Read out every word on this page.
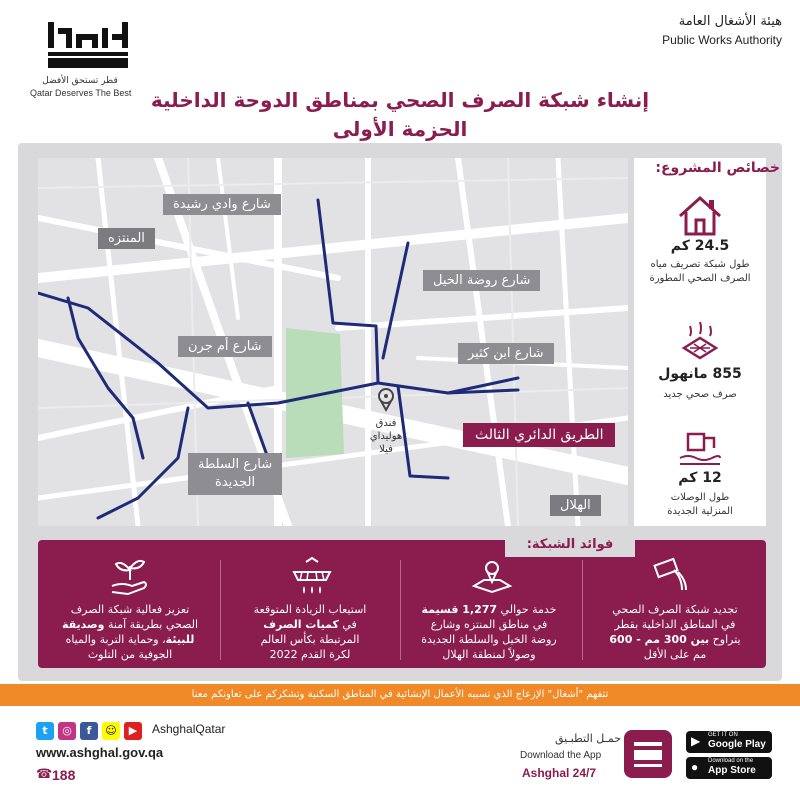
هيئة الأشغال العامة
Public Works Authority
قطر تستحق الأفضل
Qatar Deserves The Best إنشاء شبكة الصرف الصحي بمناطق الدوحة الداخلية
الحزمة الأولى
فندق
هوليداي
فيلا
شارع وادي رشيدة
المنتزه
شارع روضة الخيل
شارع أم جرن	شارع ابن كثير
الطريق الدائري الثالث
شارع السلطة
الجديدة
الهلال
خصائص المشروع:
24.5 كم
طول شبكة تصريف مياه
الصرف الصحي المطورة
855 مانهول
صرف صحي جديد
12 كم
طول الوصلات
المنزلية الجديدة
فوائد الشبكة:
تجديد شبكة الصرف الصحي
في المناطق الداخلية بقطر
يتراوح بين 300 مم - 600
مم على الأقل
خدمة حوالي 1,277 قسيمة
في مناطق المنتزه وشارع
روضة الخيل والسلطة الجديدة
وصولاً لمنطقة الهلال
استيعاب الزيادة المتوقعة
في كميات الصرف
المرتبطة بكأس العالم
لكرة القدم 2022
تعزيز فعالية شبكة الصرف
الصحي بطريقة آمنة وصديقة
للبيئة، وحماية التربة والمياه
الجوفية من التلوث
تتفهم "أشغال" الإزعاج الذي تسببه الأعمال الإنشائية في المناطق السكنية وتشكركم على تعاونكم معنا
t	◎	f	☺	▶	AshghalQatar
www.ashghal.gov.qa
☎ 188
حمـل التطبـيق
Download the App
Ashghal 24/7
▶ GET IT ON
Google Play
● Download on the
App Store
